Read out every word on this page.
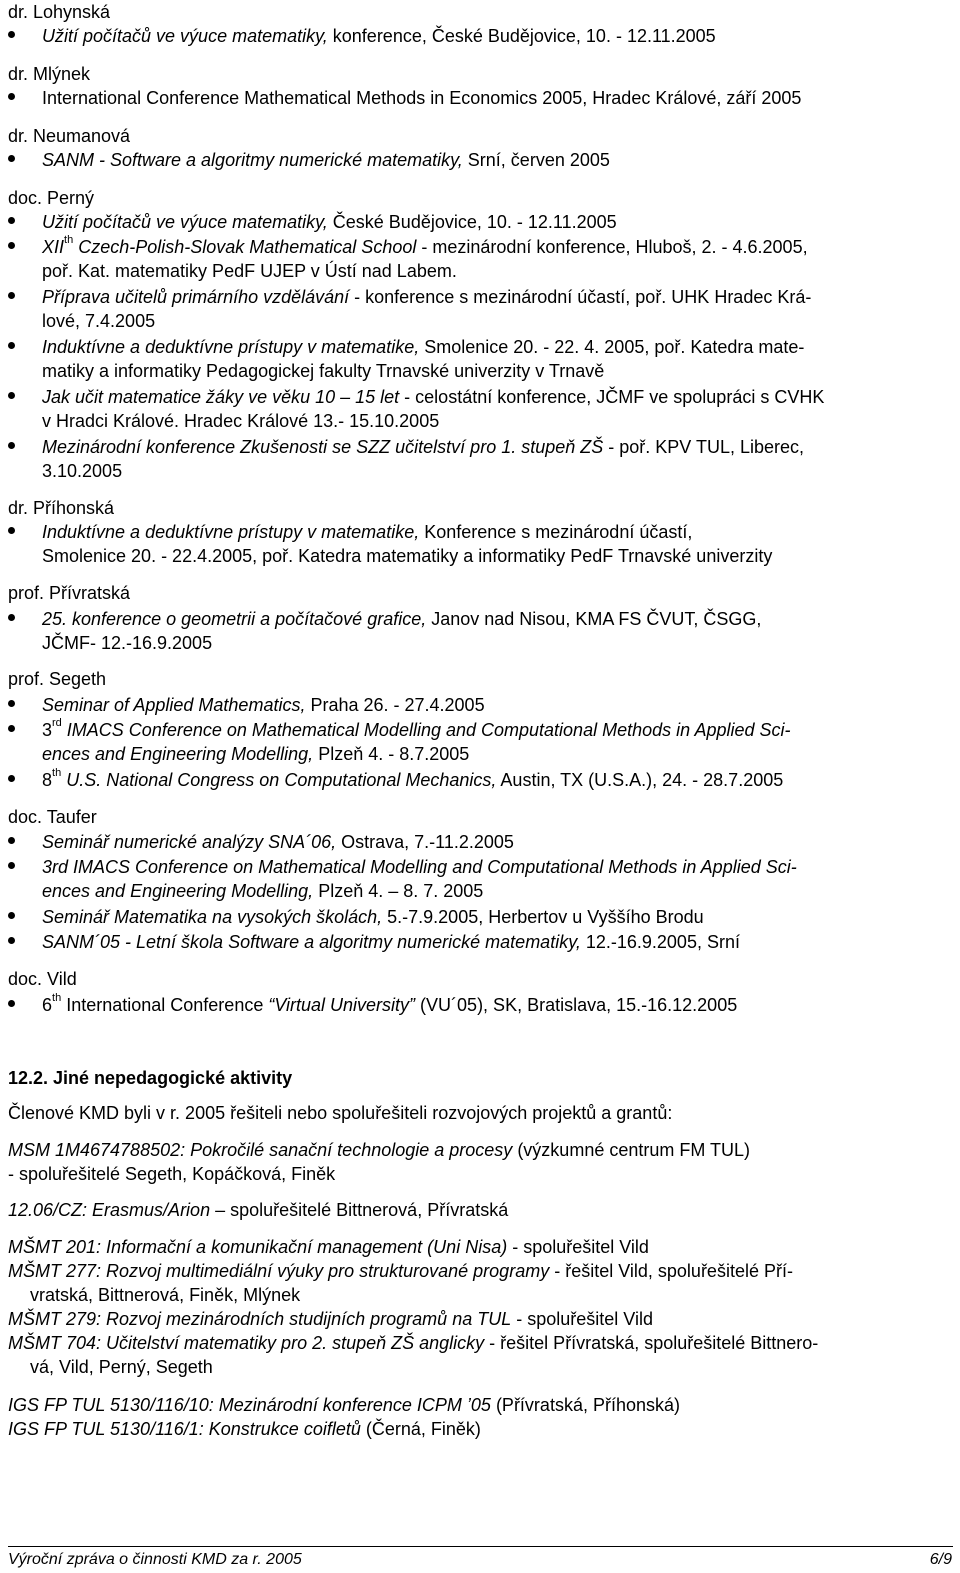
dr. Lohynská
Užití počítačů ve výuce matematiky, konference, České Budějovice, 10. - 12.11.2005
dr. Mlýnek
International Conference Mathematical Methods in Economics 2005, Hradec Králové, září 2005
dr. Neumanová
SANM - Software a algoritmy numerické matematiky, Srní, červen 2005
doc. Perný
Užití počítačů ve výuce matematiky, České Budějovice, 10. - 12.11.2005
XIIth Czech-Polish-Slovak Mathematical School - mezinárodní konference, Hluboš, 2. - 4.6.2005,
poř. Kat. matematiky PedF UJEP v Ústí nad Labem.
Příprava učitelů primárního vzdělávání - konference s mezinárodní účastí, poř. UHK Hradec Krá-
lové, 7.4.2005
Induktívne a deduktívne prístupy v matematike, Smolenice 20. - 22. 4. 2005, poř. Katedra mate-
matiky a informatiky Pedagogickej fakulty Trnavské univerzity v Trnavě
Jak učit matematice žáky ve věku 10 – 15 let - celostátní konference, JČMF ve spolupráci s CVHK
v Hradci Králové. Hradec Králové 13.- 15.10.2005
Mezinárodní konference Zkušenosti se SZZ učitelství pro 1. stupeň ZŠ - poř. KPV TUL, Liberec,
3.10.2005
dr. Příhonská
Induktívne a deduktívne prístupy v matematike, Konference s mezinárodní účastí,
Smolenice 20. - 22.4.2005, poř. Katedra matematiky a informatiky PedF Trnavské univerzity
prof. Přívratská
25. konference o geometrii a počítačové grafice, Janov nad Nisou, KMA FS ČVUT, ČSGG,
JČMF- 12.-16.9.2005
prof. Segeth
Seminar of Applied Mathematics, Praha 26. - 27.4.2005
3rd IMACS Conference on Mathematical Modelling and Computational Methods in Applied Sci-
ences and Engineering Modelling, Plzeň 4. - 8.7.2005
8th U.S. National Congress on Computational Mechanics, Austin, TX (U.S.A.), 24. - 28.7.2005
doc. Taufer
Seminář numerické analýzy SNA´06, Ostrava, 7.-11.2.2005
3rd IMACS Conference on Mathematical Modelling and Computational Methods in Applied Sci-
ences and Engineering Modelling, Plzeň 4. – 8. 7. 2005
Seminář Matematika na vysokých školách, 5.-7.9.2005, Herbertov u Vyššího Brodu
SANM´05 - Letní škola Software a algoritmy numerické matematiky, 12.-16.9.2005, Srní
doc. Vild
6th International Conference “Virtual University” (VU´05), SK, Bratislava, 15.-16.12.2005
12.2. Jiné nepedagogické aktivity
Členové KMD byli v r. 2005 řešiteli nebo spoluřešiteli rozvojových projektů a grantů:
MSM 1M4674788502: Pokročilé sanační technologie a procesy (výzkumné centrum FM TUL)
- spoluřešitelé Segeth, Kopáčková, Finěk
12.06/CZ: Erasmus/Arion – spoluřešitelé Bittnerová, Přívratská
MŠMT 201: Informační a komunikační management (Uni Nisa) - spoluřešitel Vild
MŠMT 277: Rozvoj multimediální výuky pro strukturované programy - řešitel Vild, spoluřešitelé Pří-
vratská, Bittnerová, Finěk, Mlýnek
MŠMT 279: Rozvoj mezinárodních studijních programů na TUL - spoluřešitel Vild
MŠMT 704: Učitelství matematiky pro 2. stupeň ZŠ anglicky - řešitel Přívratská, spoluřešitelé Bittnero-
vá, Vild, Perný, Segeth
IGS FP TUL 5130/116/10: Mezinárodní konference ICPM ’05 (Přívratská, Příhonská)
IGS FP TUL 5130/116/1: Konstrukce coifletů (Černá, Finěk)
Výroční zpráva o činnosti KMD za r. 2005	6/9
